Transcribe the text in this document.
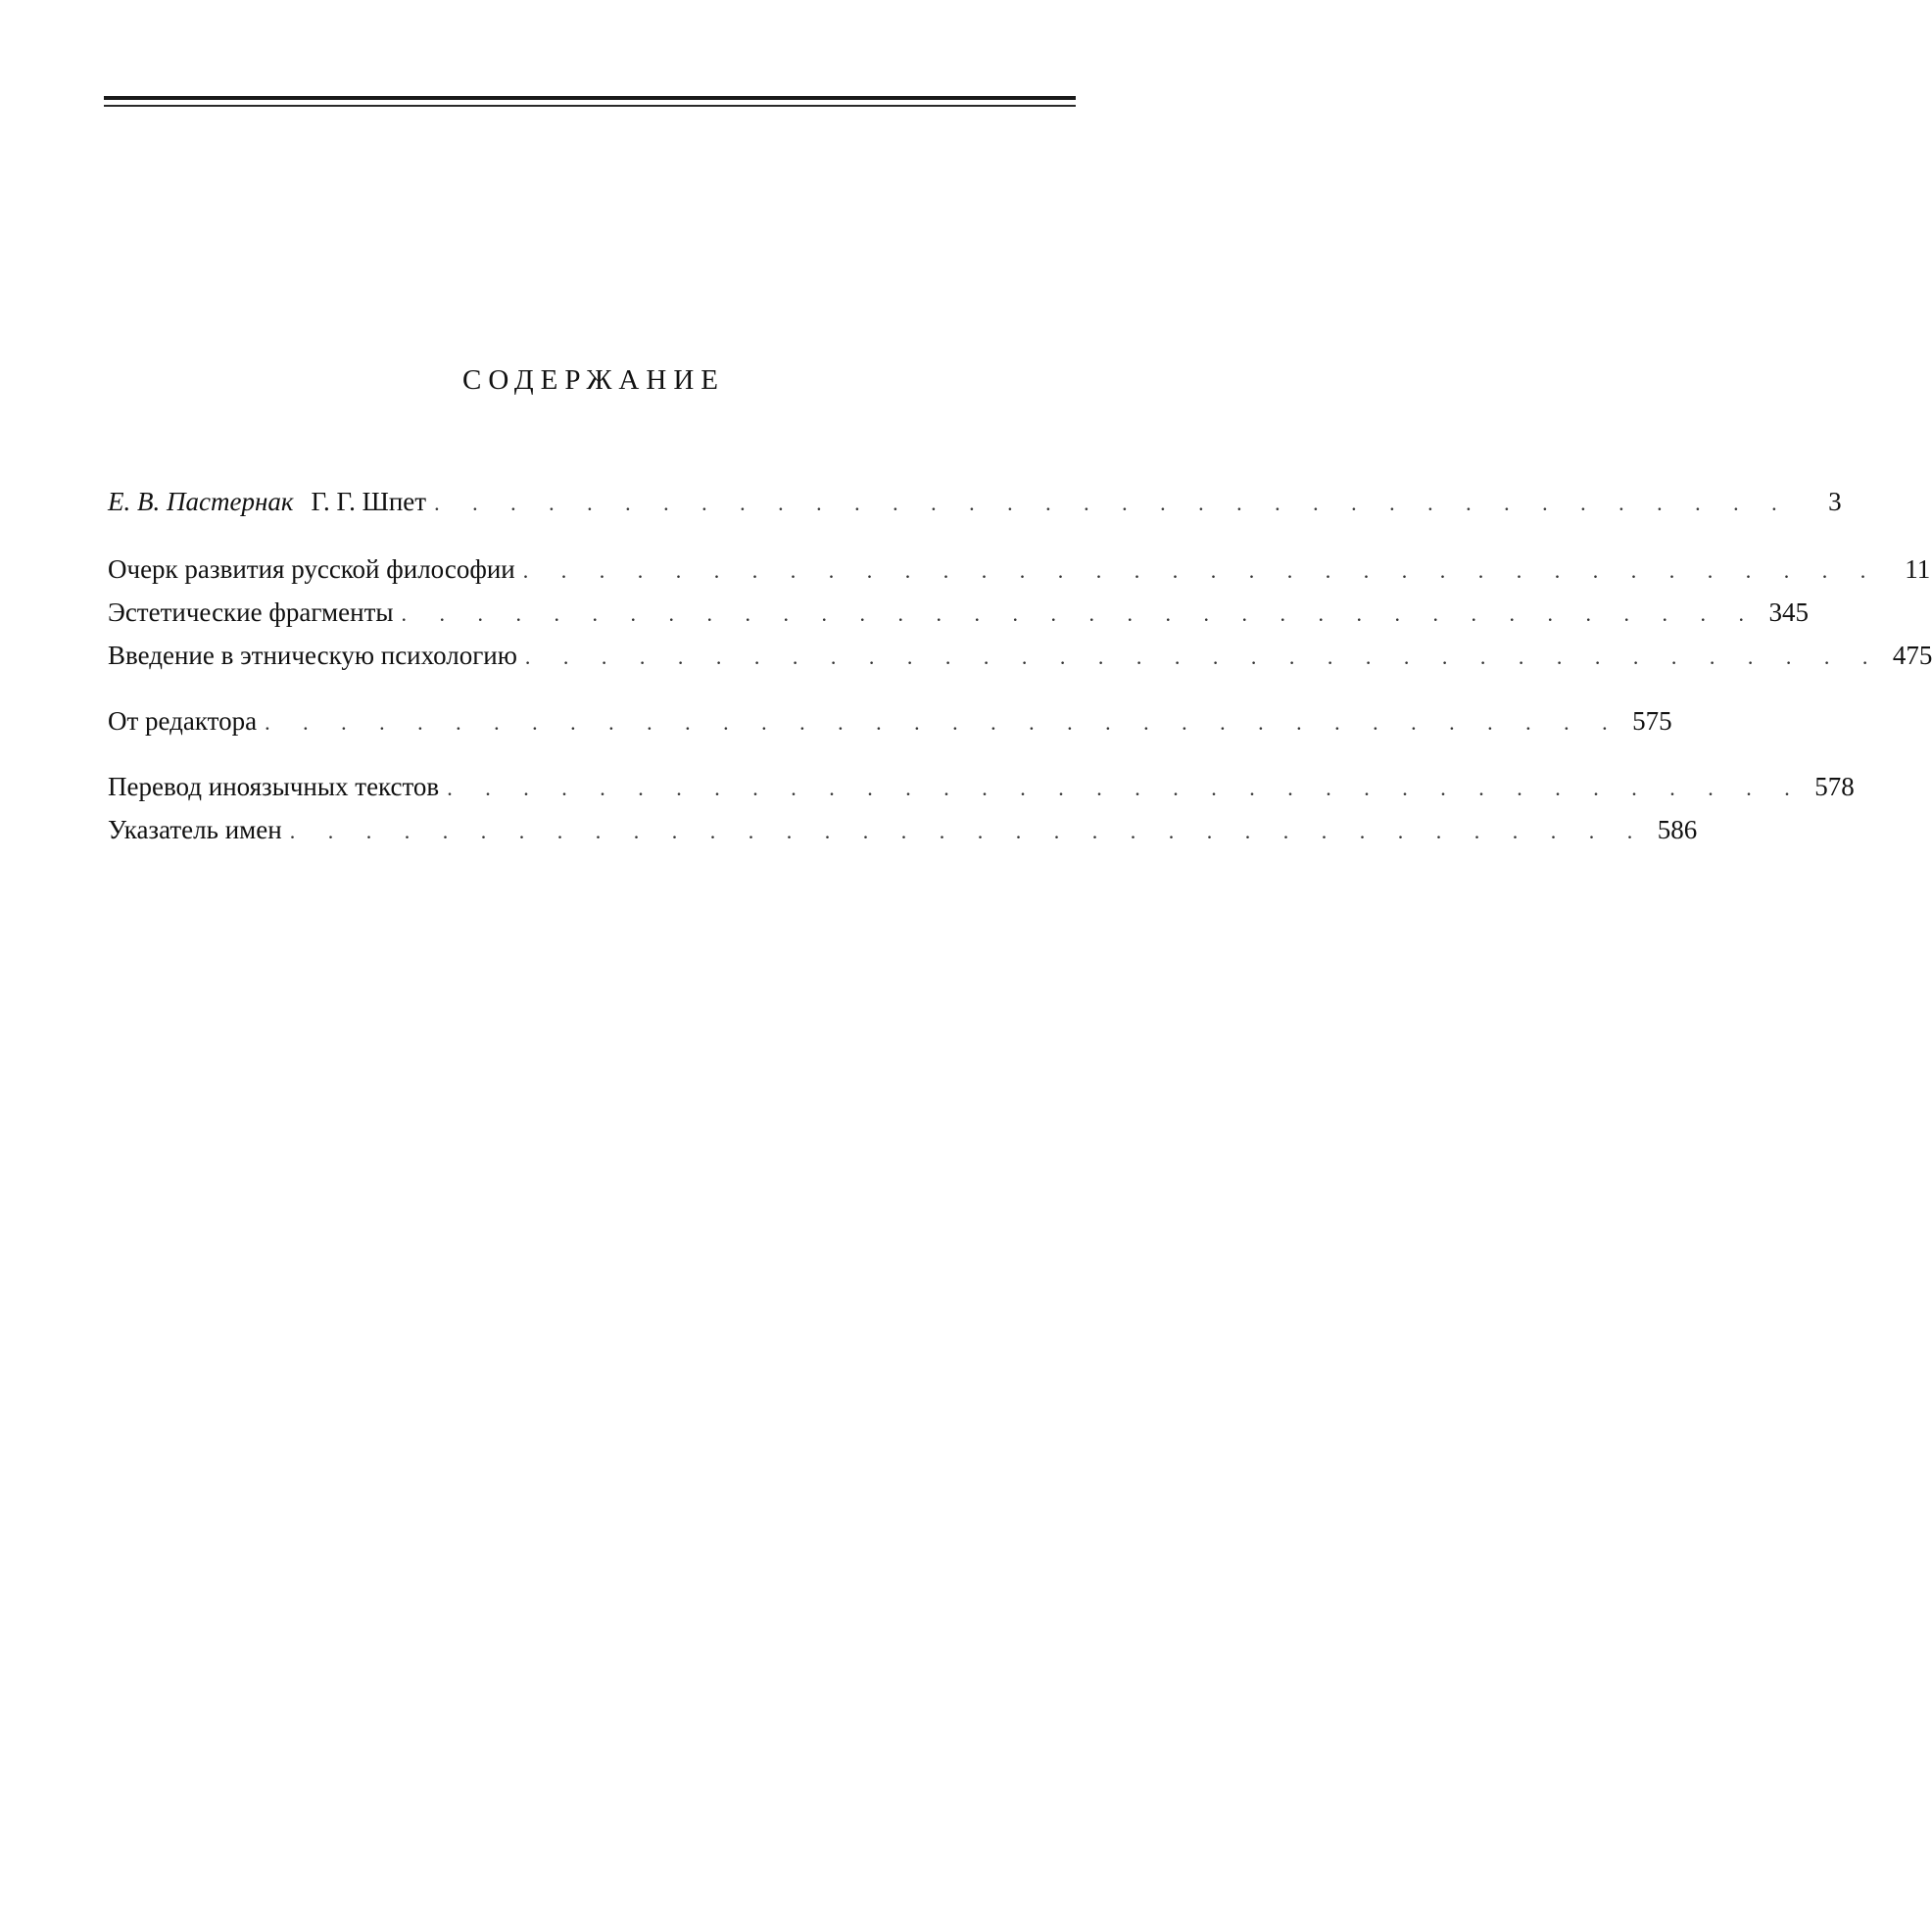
СОДЕРЖАНИЕ
Е. В. Пастернак Г. Г. Шпет . . . . . . . . . . . . . . . . . . . . . . . . . . . . . . . . . . . .	3
Очерк развития русской философии . . . . . . . . . . . . . . . . . . . . . . . . . . . . . . . . . . . . 11
Эстетические фрагменты . . . . . . . . . . . . . . . . . . . . . . . . . . . . . . . . . . . . 345
Введение в этническую психологию . . . . . . . . . . . . . . . . . . . . . . . . . . . . . . . . . . . . 475
От редактора . . . . . . . . . . . . . . . . . . . . . . . . . . . . . . . . . . . . 575
Перевод иноязычных текстов . . . . . . . . . . . . . . . . . . . . . . . . . . . . . . . . . . . . 578
Указатель имен . . . . . . . . . . . . . . . . . . . . . . . . . . . . . . . . . . . . 586
